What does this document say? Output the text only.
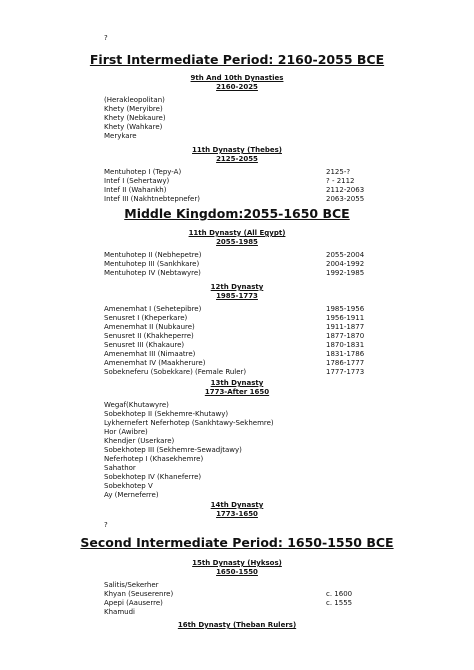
?
First Intermediate Period: 2160-2055 BCE
9th And 10th Dynasties
2160-2025
(Herakleopolitan)
Khety (Meryibre)
Khety (Nebkaure)
Khety (Wahkare)
Merykare
11th Dynasty (Thebes)
2125-2055
Mentuhotep I (Tepy-A)	2125-?
Intef I (Sehertawy)	? - 2112
Intef II (Wahankh)	2112-2063
Intef III (Nakhtnebtepnefer)	2063-2055
Middle Kingdom:2055-1650 BCE
11th Dynasty (All Egypt)
2055-1985
Mentuhotep II (Nebhepetre)	2055-2004
Mentuhotep III (Sankhkare)	2004-1992
Mentuhotep IV (Nebtawyre)	1992-1985
12th Dynasty
1985-1773
Amenemhat I (Sehetepibre)	1985-1956
Senusret I (Kheperkare)	1956-1911
Amenemhat II (Nubkaure)	1911-1877
Senusret II (Khakheperre)	1877-1870
Senusret III (Khakaure)	1870-1831
Amenemhat III (Nimaatre)	1831-1786
Amenemhat IV (Maakherure)	1786-1777
Sobekneferu (Sobekkare) (Female Ruler)	1777-1773
13th Dynasty
1773-After 1650
Wegaf(Khutawyre)
Sobekhotep II (Sekhemre-Khutawy)
Lykhernefert Neferhotep (Sankhtawy-Sekhemre)
Hor (Awibre)
Khendjer (Userkare)
Sobekhotep III (Sekhemre-Sewadjtawy)
Neferhotep I (Khasekhemre)
Sahathor
Sobekhotep IV (Khaneferre)
Sobekhotep V
Ay (Merneferre)
14th Dynasty
1773-1650
?
Second Intermediate Period: 1650-1550 BCE
15th Dynasty (Hyksos)
1650-1550
Salitis/Sekerher
Khyan (Seuserenre)	c. 1600
Apepi (Aauserre)	c. 1555
Khamudi
16th Dynasty (Theban Rulers)
